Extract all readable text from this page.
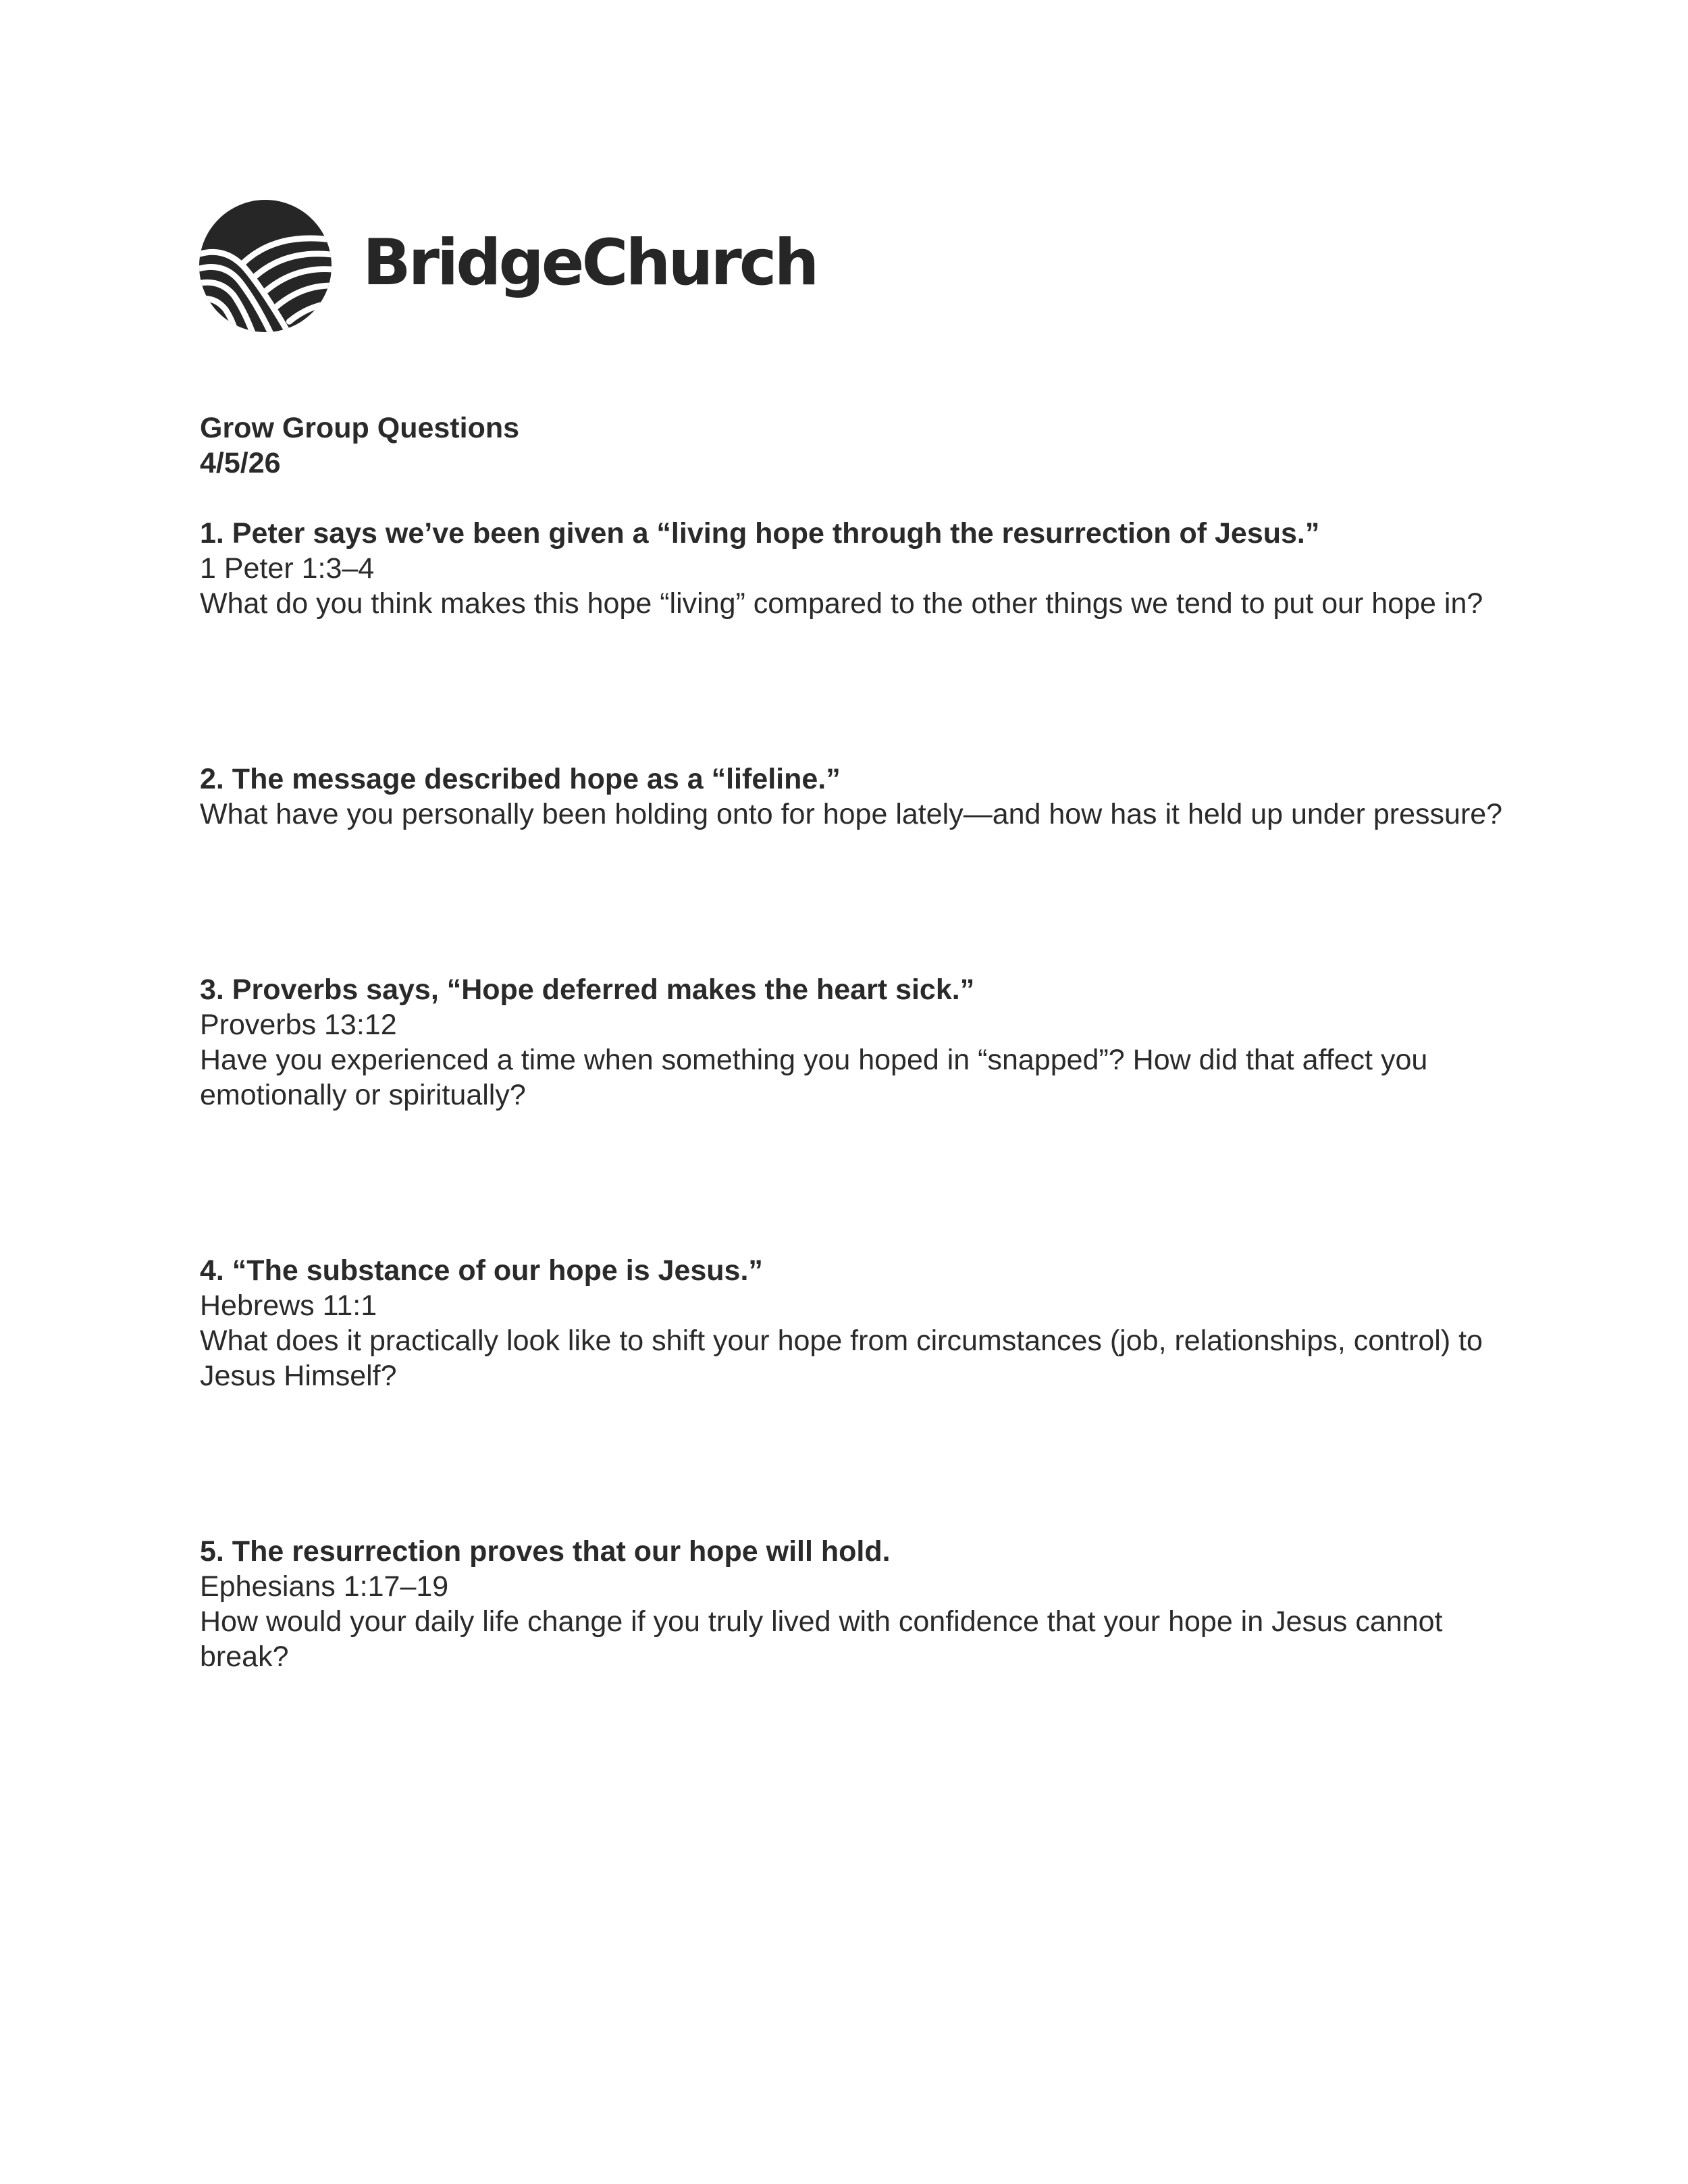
BridgeChurch

Grow Group Questions

4/5/26

1. Peter says we’ve been given a “living hope through the resurrection of Jesus.”

1 Peter 1:3–4

What do you think makes this hope “living” compared to the other things we tend to put our hope in?

2. The message described hope as a “lifeline.”

What have you personally been holding onto for hope lately—and how has it held up under pressure?

3. Proverbs says, “Hope deferred makes the heart sick.”

Proverbs 13:12

Have you experienced a time when something you hoped in “snapped”? How did that affect you emotionally or spiritually?

4. “The substance of our hope is Jesus.”

Hebrews 11:1

What does it practically look like to shift your hope from circumstances (job, relationships, control) to Jesus Himself?

5. The resurrection proves that our hope will hold.

Ephesians 1:17–19

How would your daily life change if you truly lived with confidence that your hope in Jesus cannot break?
